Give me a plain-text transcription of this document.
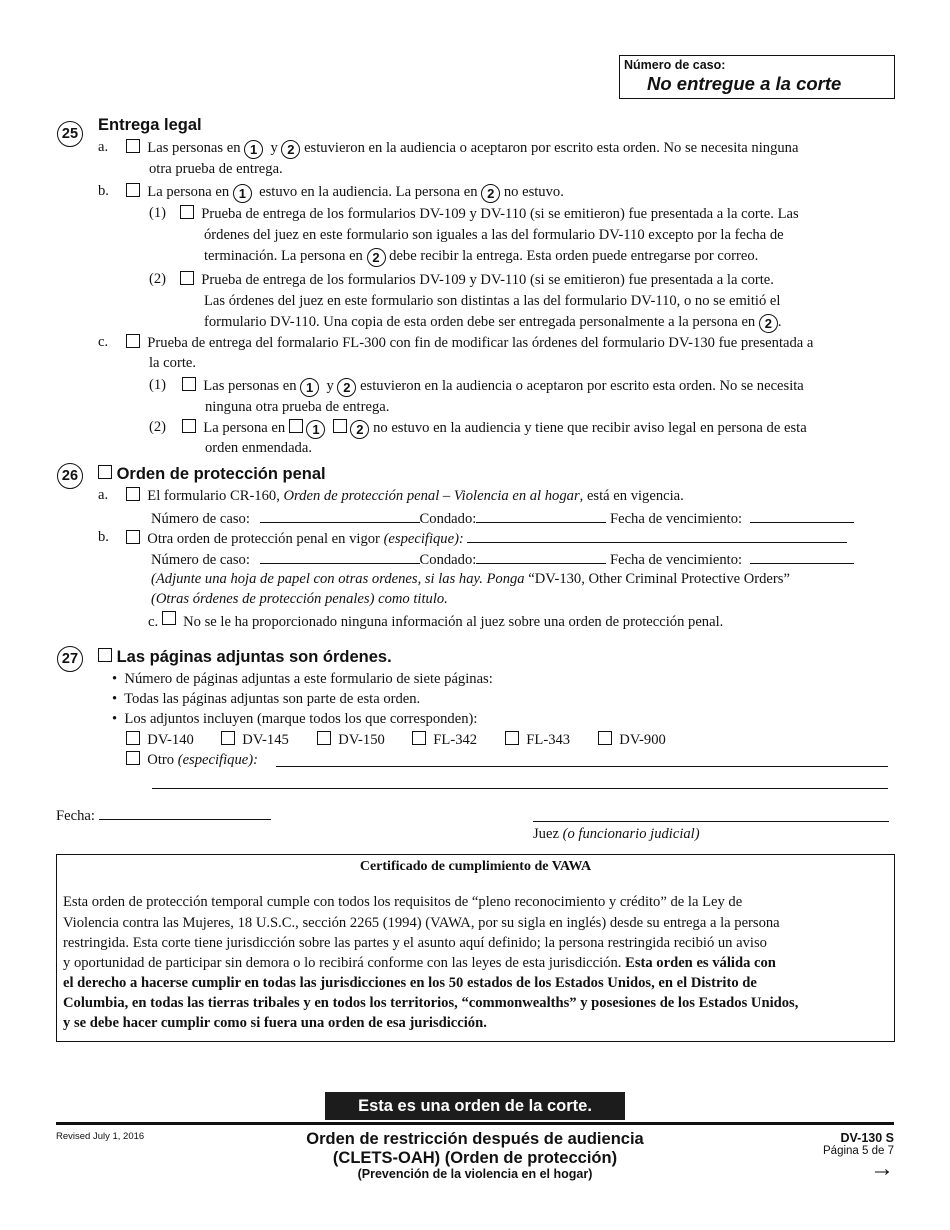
Número de caso:
No entregue a la corte
25 Entrega legal
a.	Las personas en 1 y 2 estuvieron en la audiencia o aceptaron por escrito esta orden. No se necesita ninguna
otra prueba de entrega.
b.	La persona en 1 estuvo en la audiencia. La persona en 2 no estuvo.
(1)	Prueba de entrega de los formularios DV-109 y DV-110 (si se emitieron) fue presentada a la corte. Las
órdenes del juez en este formulario son iguales a las del formulario DV-110 excepto por la fecha de
terminación. La persona en 2 debe recibir la entrega. Esta orden puede entregarse por correo.
(2)	Prueba de entrega de los formularios DV-109 y DV-110 (si se emitieron) fue presentada a la corte.
Las órdenes del juez en este formulario son distintas a las del formulario DV-110, o no se emitió el
formulario DV-110. Una copia de esta orden debe ser entregada personalmente a la persona en 2 .
c.	Prueba de entrega del formalario FL-300 con fin de modificar las órdenes del formulario DV-130 fue presentada a
la corte.
(1)	Las personas en 1 y 2 estuvieron en la audiencia o aceptaron por escrito esta orden. No se necesita
ninguna otra prueba de entrega.
(2)	La persona en 1	2 no estuvo en la audiencia y tiene que recibir aviso legal en persona de esta
orden enmendada.
26	Orden de protección penal
a.	El formulario CR-160, Orden de protección penal – Violencia en al hogar, está en vigencia.
Número de caso:	Condado:	Fecha de vencimiento:
b.	Otra orden de protección penal en vigor (especifique):
Número de caso:	Condado:	Fecha de vencimiento:
(Adjunte una hoja de papel con otras ordenes, si las hay. Ponga “DV-130, Other Criminal Protective Orders”
(Otras órdenes de protección penales) como titulo.
c. No se le ha proporcionado ninguna información al juez sobre una orden de protección penal.
27	Las páginas adjuntas son órdenes.
•  Número de páginas adjuntas a este formulario de siete páginas:
•  Todas las páginas adjuntas son parte de esta orden.
•  Los adjuntos incluyen (marque todos los que corresponden):
DV-140	DV-145	DV-150	FL-342	FL-343	DV-900
Otro (especifique):
Fecha:
Juez (o funcionario judicial)
Certificado de cumplimiento de VAWA
Esta orden de protección temporal cumple con todos los requisitos de “pleno reconocimiento y crédito” de la Ley de
Violencia contra las Mujeres, 18 U.S.C., sección 2265 (1994) (VAWA, por su sigla en inglés) desde su entrega a la persona
restringida. Esta corte tiene jurisdicción sobre las partes y el asunto aquí definido; la persona restringida recibió un aviso
y oportunidad de participar sin demora o lo recibirá conforme con las leyes de esta jurisdicción. Esta orden es válida con
el derecho a hacerse cumplir en todas las jurisdicciones en los 50 estados de los Estados Unidos, en el Distrito de
Columbia, en todas las tierras tribales y en todos los territorios, “commonwealths” y posesiones de los Estados Unidos,
y se debe hacer cumplir como si fuera una orden de esa jurisdicción.
Esta es una orden de la corte.
Revised July 1, 2016	Orden de restricción después de audiencia
(CLETS-OAH) (Orden de protección)
(Prevención de la violencia en el hogar)
DV-130 S
Página 5 de 7
→
